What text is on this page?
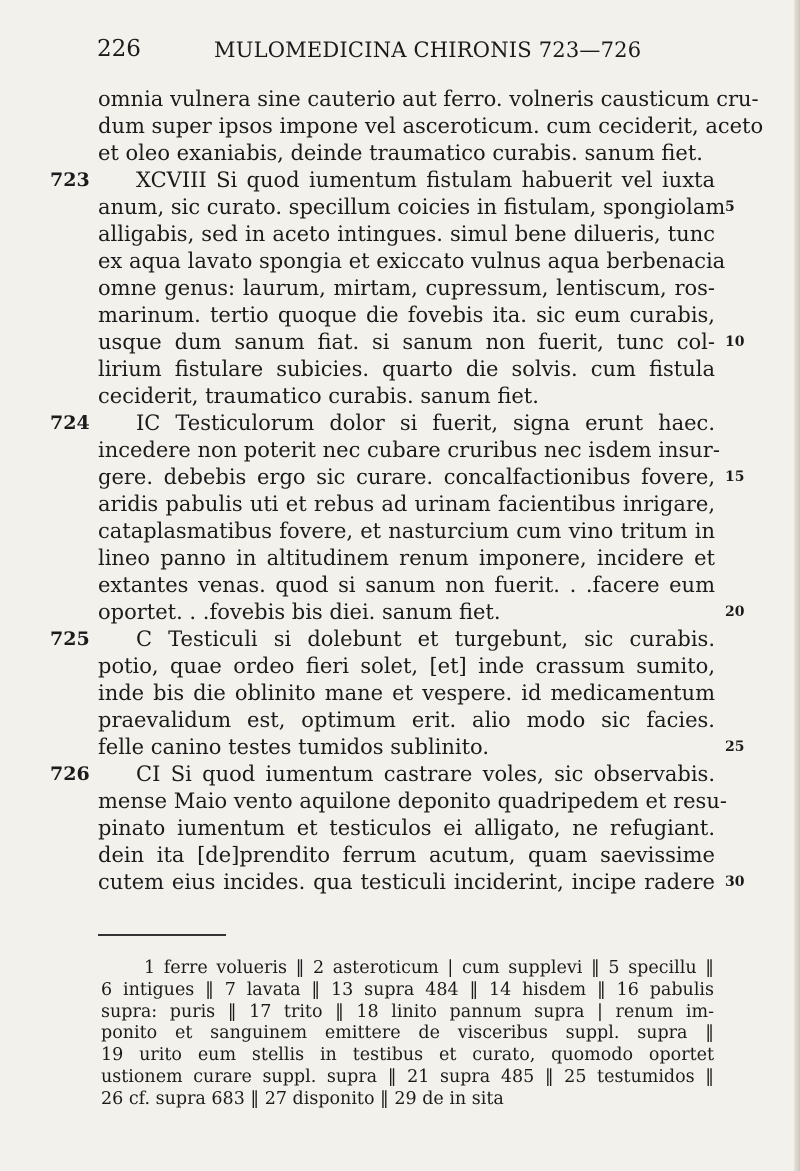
226	MULOMEDICINA CHIRONIS 723—726
omnia vulnera sine cauterio aut ferro. volneris causticum cru-
dum super ipsos impone vel asceroticum. cum ceciderit, aceto
et oleo exaniabis, deinde traumatico curabis. sanum fiet.
723 XCVIII Si quod iumentum fistulam habuerit vel iuxta
anum, sic curato. specillum coicies in fistulam, spongiolam 5
alligabis, sed in aceto intingues. simul bene dilueris, tunc
ex aqua lavato spongia et exiccato vulnus aqua berbenacia
omne genus: laurum, mirtam, cupressum, lentiscum, ros-
marinum. tertio quoque die fovebis ita. sic eum curabis,
usque dum sanum fiat. si sanum non fuerit, tunc col- 10
lirium fistulare subicies. quarto die solvis. cum fistula
ceciderit, traumatico curabis. sanum fiet.
724 IC Testiculorum dolor si fuerit, signa erunt haec.
incedere non poterit nec cubare cruribus nec isdem insur-
gere. debebis ergo sic curare. concalfactionibus fovere, 15
aridis pabulis uti et rebus ad urinam facientibus inrigare,
cataplasmatibus fovere, et nasturcium cum vino tritum in
lineo panno in altitudinem renum imponere, incidere et
extantes venas. quod si sanum non fuerit. . .facere eum
oportet. . .fovebis bis diei. sanum fiet.	20
725 C Testiculi si dolebunt et turgebunt, sic curabis.
potio, quae ordeo fieri solet, [et] inde crassum sumito,
inde bis die oblinito mane et vespere. id medicamentum
praevalidum est, optimum erit. alio modo sic facies.
felle canino testes tumidos sublinito.	25
726 CI Si quod iumentum castrare voles, sic observabis.
mense Maio vento aquilone deponito quadripedem et resu-
pinato iumentum et testiculos ei alligato, ne refugiant.
dein ita [de]prendito ferrum acutum, quam saevissime
cutem eius incides. qua testiculi inciderint, incipe radere 30
1 ferre volueris ‖ 2 asteroticum | cum supplevi ‖ 5 specillu ‖
6 intigues ‖ 7 lavata ‖ 13 supra 484 ‖ 14 hisdem ‖ 16 pabulis
supra: puris ‖ 17 trito ‖ 18 linito pannum supra | renum im-
ponito et sanguinem emittere de visceribus suppl. supra ‖
19 urito eum stellis in testibus et curato, quomodo oportet
ustionem curare suppl. supra ‖ 21 supra 485 ‖ 25 testumidos ‖
26 cf. supra 683 ‖ 27 disponito ‖ 29 de in sita
